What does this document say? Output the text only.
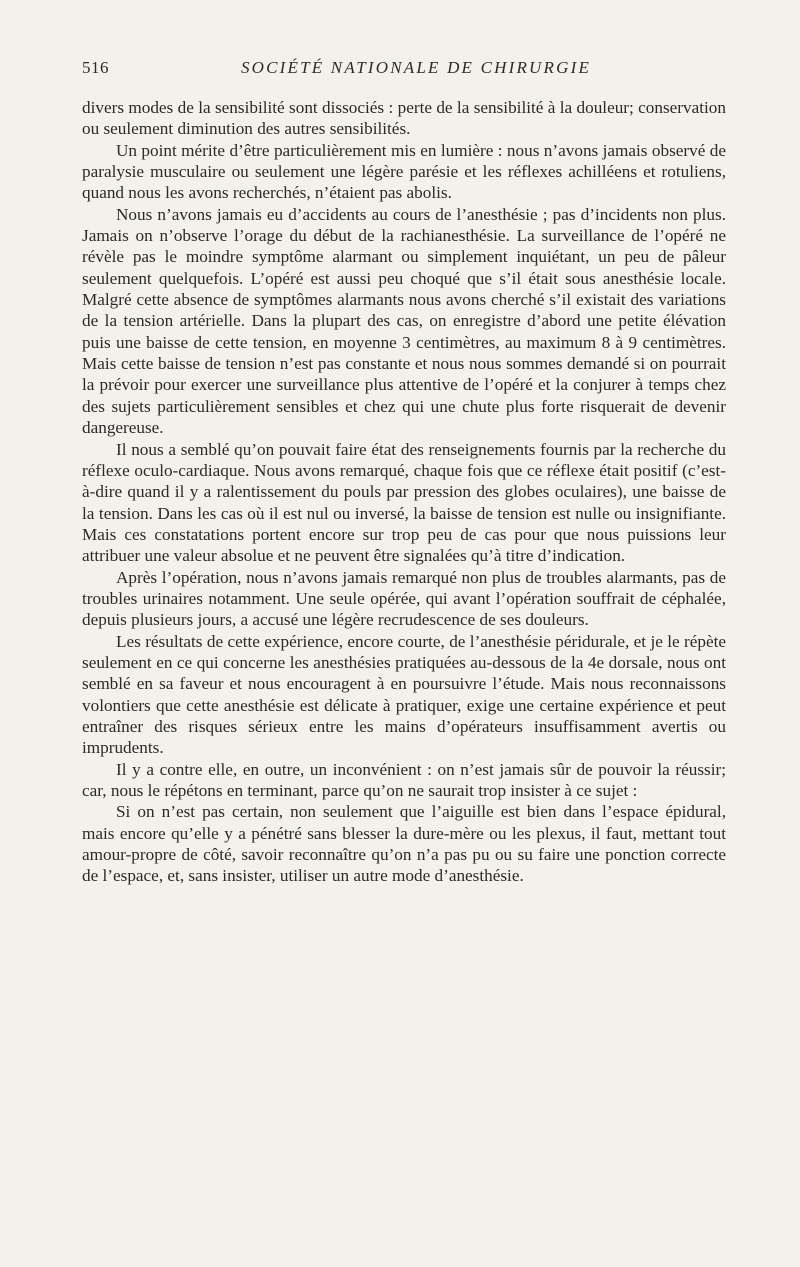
516	SOCIÉTÉ NATIONALE DE CHIRURGIE

divers modes de la sensibilité sont dissociés : perte de la sensibilité à la douleur; conservation ou seulement diminution des autres sensibilités.

Un point mérite d’être particulièrement mis en lumière : nous n’avons jamais observé de paralysie musculaire ou seulement une légère parésie et les réflexes achilléens et rotuliens, quand nous les avons recherchés, n’étaient pas abolis.

Nous n’avons jamais eu d’accidents au cours de l’anesthésie ; pas d’incidents non plus. Jamais on n’observe l’orage du début de la rachianesthésie. La surveillance de l’opéré ne révèle pas le moindre symptôme alarmant ou simplement inquiétant, un peu de pâleur seulement quelquefois. L’opéré est aussi peu choqué que s’il était sous anesthésie locale. Malgré cette absence de symptômes alarmants nous avons cherché s’il existait des variations de la tension artérielle. Dans la plupart des cas, on enregistre d’abord une petite élévation puis une baisse de cette tension, en moyenne 3 centimètres, au maximum 8 à 9 centimètres. Mais cette baisse de tension n’est pas constante et nous nous sommes demandé si on pourrait la prévoir pour exercer une surveillance plus attentive de l’opéré et la conjurer à temps chez des sujets particulièrement sensibles et chez qui une chute plus forte risquerait de devenir dangereuse.

Il nous a semblé qu’on pouvait faire état des renseignements fournis par la recherche du réflexe oculo-cardiaque. Nous avons remarqué, chaque fois que ce réflexe était positif (c’est-à-dire quand il y a ralentissement du pouls par pression des globes oculaires), une baisse de la tension. Dans les cas où il est nul ou inversé, la baisse de tension est nulle ou insignifiante. Mais ces constatations portent encore sur trop peu de cas pour que nous puissions leur attribuer une valeur absolue et ne peuvent être signalées qu’à titre d’indication.

Après l’opération, nous n’avons jamais remarqué non plus de troubles alarmants, pas de troubles urinaires notamment. Une seule opérée, qui avant l’opération souffrait de céphalée, depuis plusieurs jours, a accusé une légère recrudescence de ses douleurs.

Les résultats de cette expérience, encore courte, de l’anesthésie péridurale, et je le répète seulement en ce qui concerne les anesthésies pratiquées au-dessous de la 4e dorsale, nous ont semblé en sa faveur et nous encouragent à en poursuivre l’étude. Mais nous reconnaissons volontiers que cette anesthésie est délicate à pratiquer, exige une certaine expérience et peut entraîner des risques sérieux entre les mains d’opérateurs insuffisamment avertis ou imprudents.

Il y a contre elle, en outre, un inconvénient : on n’est jamais sûr de pouvoir la réussir; car, nous le répétons en terminant, parce qu’on ne saurait trop insister à ce sujet :

Si on n’est pas certain, non seulement que l’aiguille est bien dans l’espace épidural, mais encore qu’elle y a pénétré sans blesser la dure-mère ou les plexus, il faut, mettant tout amour-propre de côté, savoir reconnaître qu’on n’a pas pu ou su faire une ponction correcte de l’espace, et, sans insister, utiliser un autre mode d’anesthésie.
